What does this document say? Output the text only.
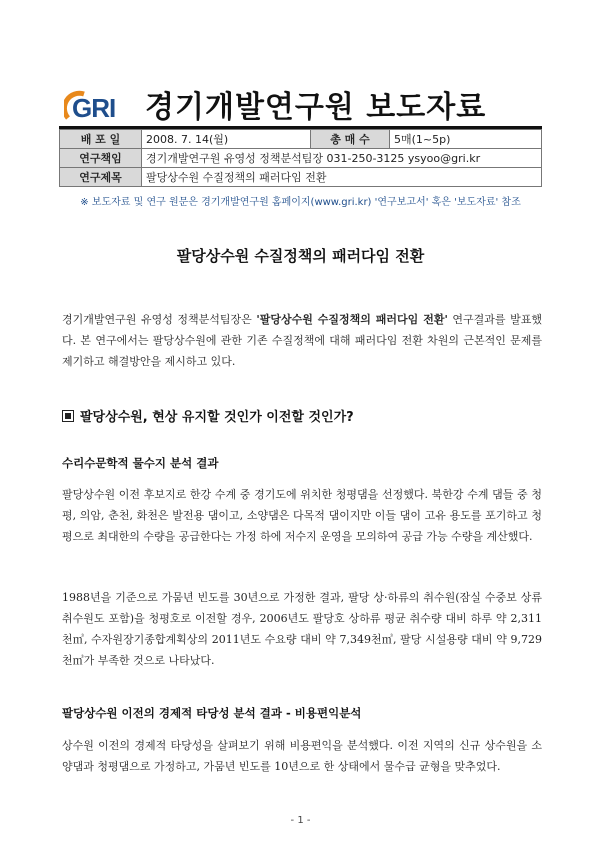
GRI 경기개발연구원 보도자료
배 포 일	2008. 7. 14(월)	총 매 수	5매(1~5p)
연구책임	경기개발연구원 유영성 정책분석팀장 031-250-3125 ysyoo@gri.kr		
연구제목	팔당상수원 수질정책의 패러다임 전환		
※ 보도자료 및 연구 원문은 경기개발연구원 홈페이지(www.gri.kr) '연구보고서' 혹은 '보도자료' 참조
팔당상수원 수질정책의 패러다임 전환

경기개발연구원 유영성 정책분석팀장은 '팔당상수원 수질정책의 패러다임 전환' 연구결과를 발표했다. 본 연구에서는 팔당상수원에 관한 기존 수질정책에 대해 패러다임 전환 차원의 근본적인 문제를 제기하고 해결방안을 제시하고 있다.

팔당상수원, 현상 유지할 것인가 이전할 것인가?
수리수문학적 물수지 분석 결과

팔당상수원 이전 후보지로 한강 수계 중 경기도에 위치한 청평댐을 선정했다. 북한강 수계 댐들 중 청평, 의암, 춘천, 화천은 발전용 댐이고, 소양댐은 다목적 댐이지만 이들 댐이 고유 용도를 포기하고 청평으로 최대한의 수량을 공급한다는 가정 하에 저수지 운영을 모의하여 공급 가능 수량을 계산했다.

1988년을 기준으로 가뭄년 빈도를 30년으로 가정한 결과, 팔당 상·하류의 취수원(잠실 수중보 상류 취수원도 포함)을 청평호로 이전할 경우, 2006년도 팔당호 상하류 평균 취수량 대비 하루 약 2,311천㎥, 수자원장기종합계획상의 2011년도 수요량 대비 약 7,349천㎥, 팔당 시설용량 대비 약 9,729천㎥가 부족한 것으로 나타났다.

팔당상수원 이전의 경제적 타당성 분석 결과 - 비용편익분석

상수원 이전의 경제적 타당성을 살펴보기 위해 비용편익을 분석했다. 이전 지역의 신규 상수원을 소양댐과 청평댐으로 가정하고, 가뭄년 빈도를 10년으로 한 상태에서 물수급 균형을 맞추었다.

- 1 -
